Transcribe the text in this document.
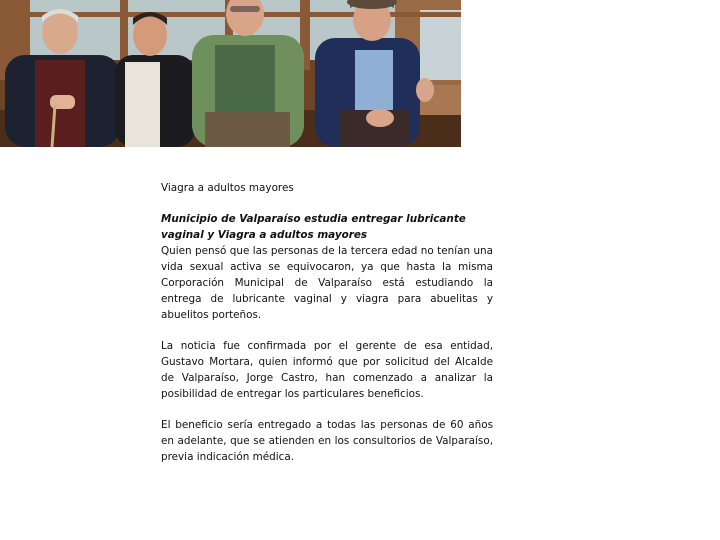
Viagra a adultos mayores

Municipio de Valparaíso estudia entregar lubricante vaginal y Viagra a adultos mayores

Quien pensó que las personas de la tercera edad no tenían una vida sexual activa se equivocaron, ya que hasta la misma Corporación Municipal de Valparaíso está estudiando la entrega de lubricante vaginal y viagra para abuelitas y abuelitos porteños.

La noticia fue confirmada por el gerente de esa entidad, Gustavo Mortara, quien informó que por solicitud del Alcalde de Valparaíso, Jorge Castro, han comenzado a analizar la posibilidad de entregar los particulares beneficios.

El beneficio sería entregado a todas las personas de 60 años en adelante, que se atienden en los consultorios de Valparaíso, previa indicación médica.
